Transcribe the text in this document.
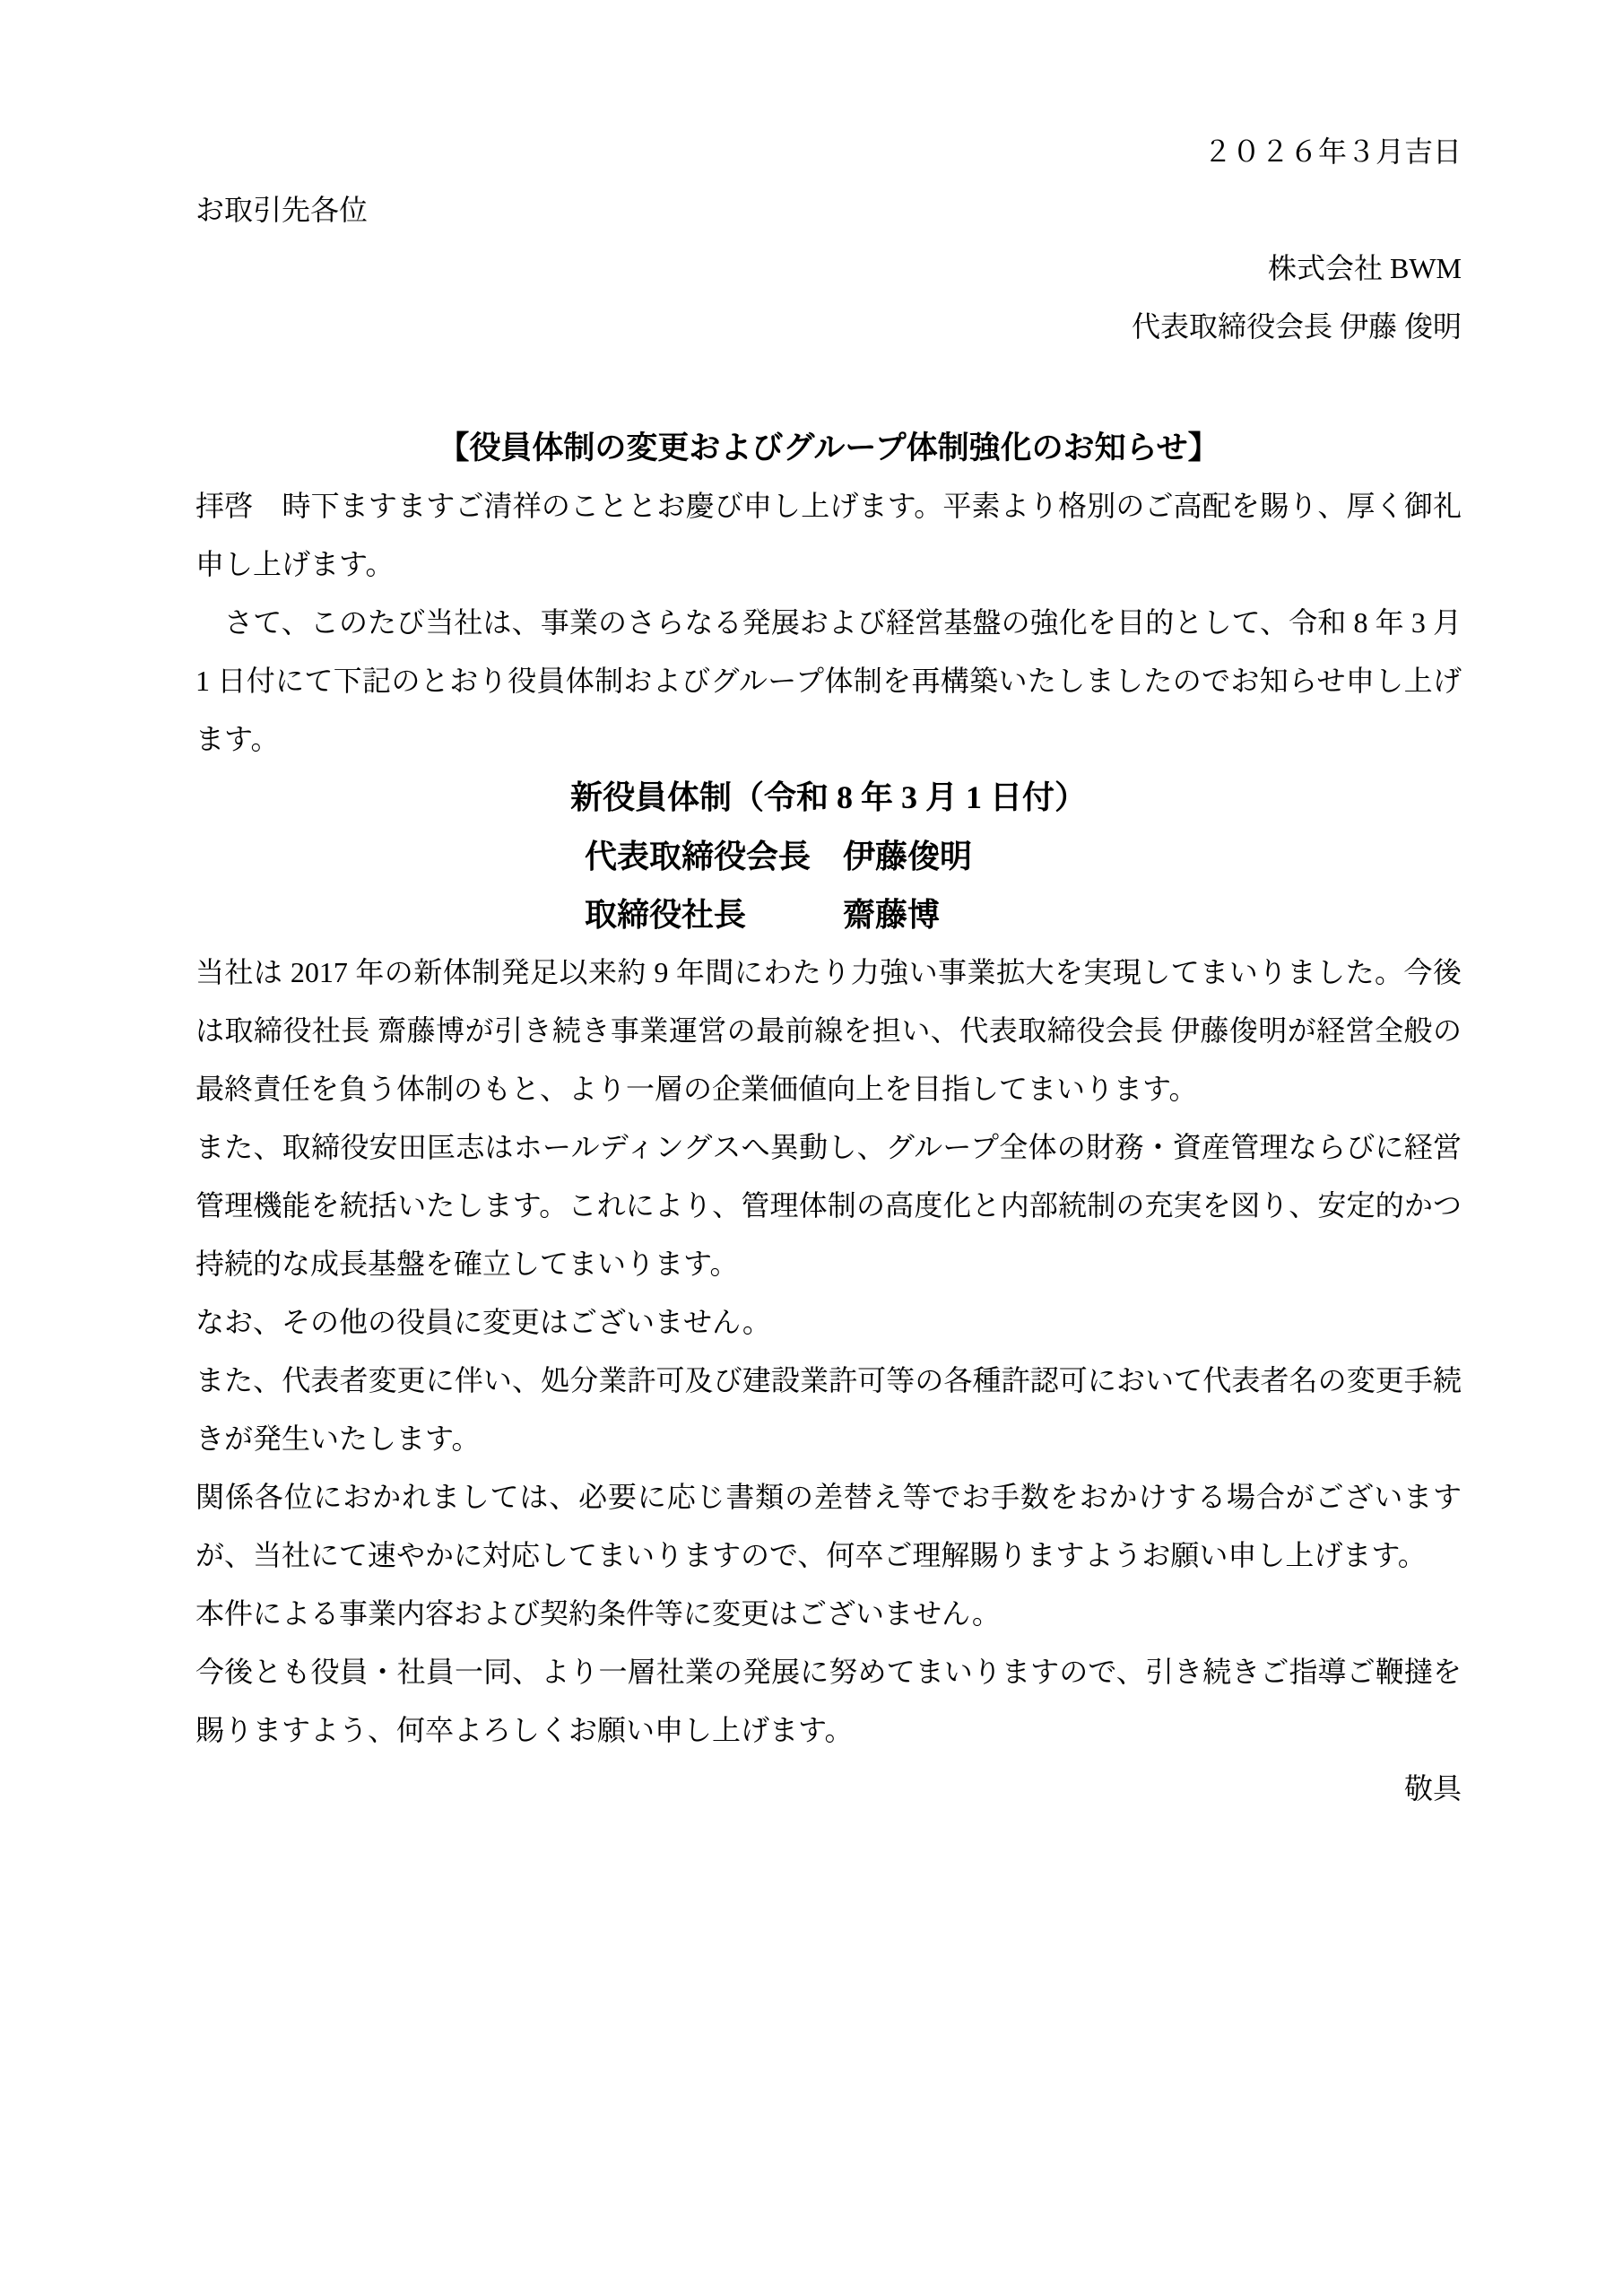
２０２６年３月吉日

お取引先各位

株式会社 BWM

代表取締役会長 伊藤 俊明

【役員体制の変更およびグループ体制強化のお知らせ】

拝啓　時下ますますご清祥のこととお慶び申し上げます。平素より格別のご高配を賜り、厚く御礼申し上げます。

　さて、このたび当社は、事業のさらなる発展および経営基盤の強化を目的として、令和 8 年 3 月 1 日付にて下記のとおり役員体制およびグループ体制を再構築いたしましたのでお知らせ申し上げます。

新役員体制（令和 8 年 3 月 1 日付）

代表取締役会長 伊藤俊明

取締役社長	齋藤博

当社は 2017 年の新体制発足以来約 9 年間にわたり力強い事業拡大を実現してまいりました。今後は取締役社長 齋藤博が引き続き事業運営の最前線を担い、代表取締役会長 伊藤俊明が経営全般の最終責任を負う体制のもと、より一層の企業価値向上を目指してまいります。

また、取締役安田匡志はホールディングスへ異動し、グループ全体の財務・資産管理ならびに経営管理機能を統括いたします。これにより、管理体制の高度化と内部統制の充実を図り、安定的かつ持続的な成長基盤を確立してまいります。

なお、その他の役員に変更はございません。

また、代表者変更に伴い、処分業許可及び建設業許可等の各種許認可において代表者名の変更手続きが発生いたします。

関係各位におかれましては、必要に応じ書類の差替え等でお手数をおかけする場合がございますが、当社にて速やかに対応してまいりますので、何卒ご理解賜りますようお願い申し上げます。

本件による事業内容および契約条件等に変更はございません。

今後とも役員・社員一同、より一層社業の発展に努めてまいりますので、引き続きご指導ご鞭撻を賜りますよう、何卒よろしくお願い申し上げます。

敬具
